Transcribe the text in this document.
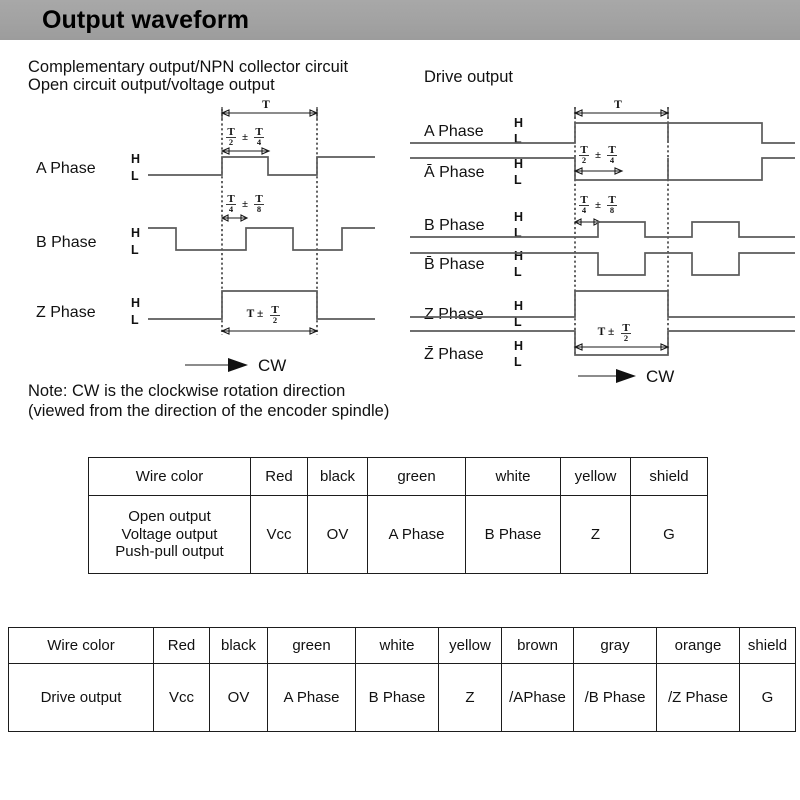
Output waveform
Complementary output/NPN collector circuit
Open circuit output/voltage output	Drive output
T
T
2 ± T
4
A Phase
H
L
T
4 ± T
8
B Phase
H
L
Z Phase
H
L	T ± T
2
CW
T
A Phase H
L
Ā Phase H
L
T
2 ± T
4
T
4 ± T
8
B Phase H
L
B̄ Phase H
L
Z Phase H
L
Z̄ Phase H
L
T ± T
2
CW
Note: CW is the clockwise rotation direction
(viewed from the direction of the encoder spindle)
Wire color	Red	black	green	white	yellow	shield

Open output
Voltage output
Push-pull output	Vcc	OV	A Phase	B Phase	Z	G
Wire color	Red	black	green	white	yellow	brown	gray	orange	shield
Drive output	Vcc	OV	A Phase	B Phase	Z	/APhase	/B Phase	/Z Phase	G
